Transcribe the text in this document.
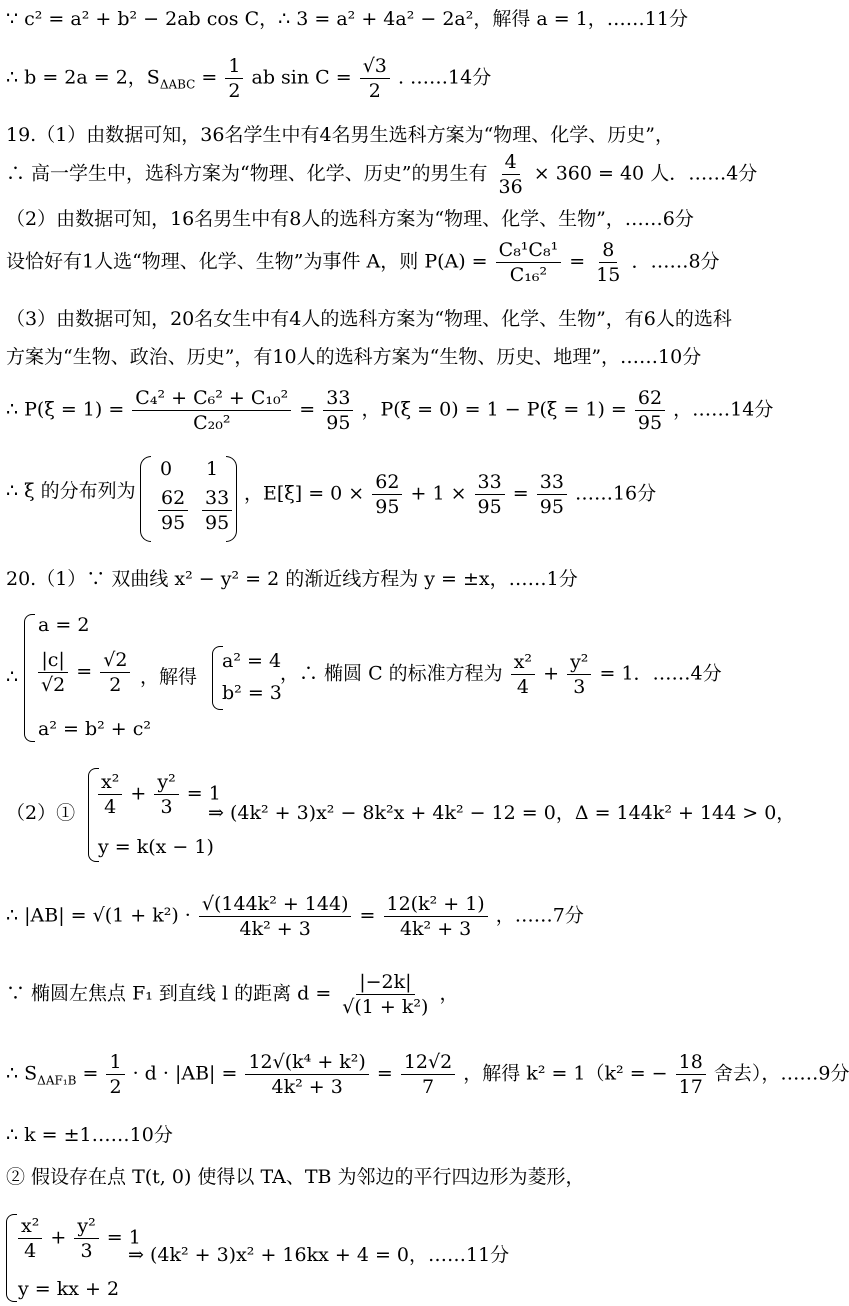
∵ c² = a² + b² − 2ab cos C，∴ 3 = a² + 4a² − 2a²，解得 a = 1，……11分
∴ b = 2a = 2，$S_{\Delta ABC} = \frac{1}{2}$ ab $\sin C = \frac{√3}{2}$ . ……14分
19.（1）由数据可知，36名学生中有4名男生选科方案为“物理、化学、历史”，
∴ 高一学生中，选科方案为“物理、化学、历史”的男生有 $\frac{4}{36} \times 360 = 40$ 人．……4分
（2）由数据可知，16名男生中有8人的选科方案为“物理、化学、生物”，……6分
设恰好有1人选“物理、化学、生物”为事件 A，则 $P(A) = \frac{\text{C₈¹C₈¹}}{\text{C₁₆²}} = \frac{8}{15}$ ．……8分
（3）由数据可知，20名女生中有4人的选科方案为“物理、化学、生物”，有6人的选科
方案为“生物、政治、历史”，有10人的选科方案为“生物、历史、地理”，……10分
∴ $P(\xi = 1) = \frac{\text{C₄² + C₆² + C₁₀²}}{\text{C₂₀²}} = \frac{33}{95}$ ，$P(\xi = 0) = 1 - P(\xi = 1) = \frac{62}{95}$ ，……14分
∴ ξ 的分布列为
0 1
$\frac{62}{95} \frac{33}{95}$ ，$E[\xi] = 0 \times \frac{62}{95} + 1 \times \frac{33}{95} = \frac{33}{95}$ ……16分
20.（1）∵ 双曲线 x² − y² = 2 的渐近线方程为 y = ±x，……1分
∴
a = 2
$\frac{|c|}{√2} = \frac{√2}{2}$
a² = b² + c²
，解得
a² = 4
b² = 3
，∴ 椭圆 C 的标准方程为 $\frac{\text{x²}}{4} + \frac{\text{y²}}{3} = 1$．……4分
（2）① $\frac{\text{x²}}{4} + \frac{\text{y²}}{3} = 1$
y = k(x − 1)
⇒ (4k² + 3)x² − 8k²x + 4k² − 12 = 0，Δ = 144k² + 144 > 0，
∴ $|AB| = √(1 + k^2) \cdot \frac{\text{√(144k² + 144)}}{\text{4k² + 3}} = \frac{\text{12(k² + 1)}}{\text{4k² + 3}}$ ，……7分
∵ 椭圆左焦点 F₁ 到直线 l 的距离 $d = \frac{|-2k|}{\text{√(1 + k²)}}$ ，
∴ $S_{\Delta AF_1B} = \frac{1}{2} \cdot d \cdot |AB| = \frac{\text{12√(k⁴ + k²)}}{\text{4k² + 3}} = \frac{12√2}{7}$ ，解得 k² = 1（k² = − $\frac{18}{17}$ 舍去），……9分
∴ k = ±1……10分
② 假设存在点 T(t, 0) 使得以 TA、TB 为邻边的平行四边形为菱形，
$\frac{\text{x²}}{4} + \frac{\text{y²}}{3} = 1$
y = kx + 2
⇒ (4k² + 3)x² + 16kx + 4 = 0，……11分
